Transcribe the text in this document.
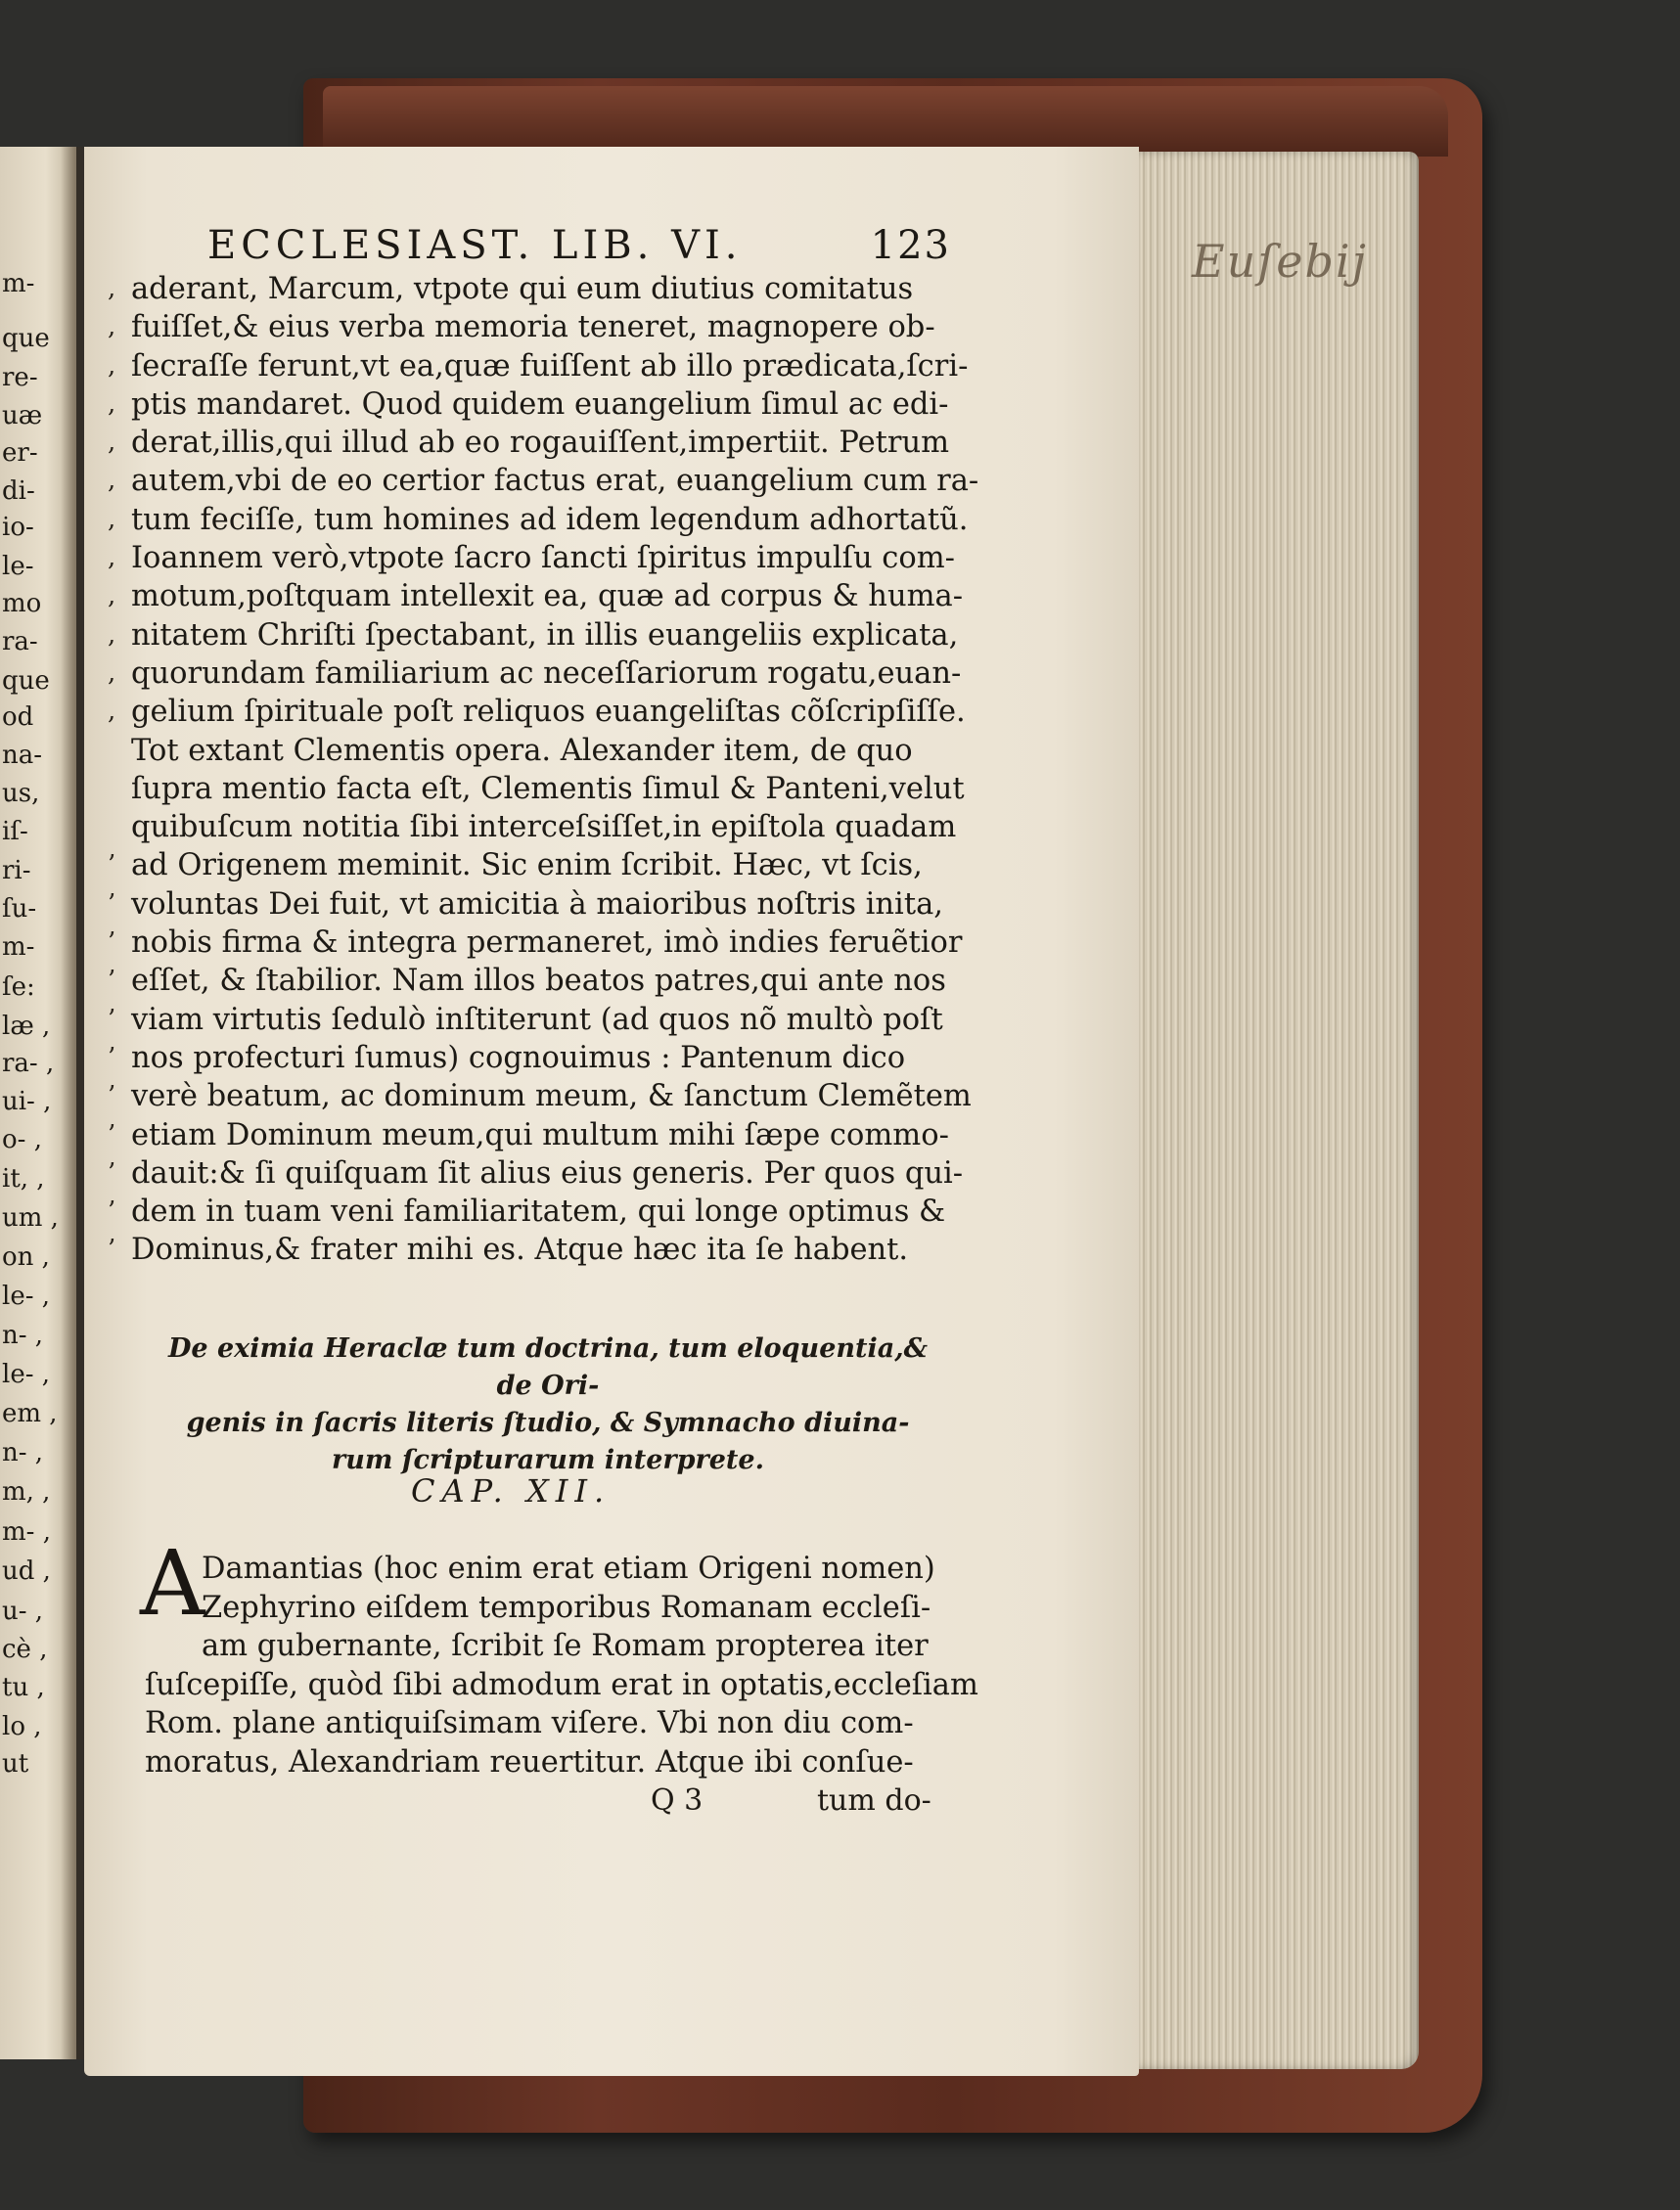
Euſebij
m-
que
re-
uæ
er-
di-
io-
le-
mo
ra-
que
od
na-
us,
iſ-
ri-
ſu-
m-
ſe:
læ ,
ra- ,
ui- ,
o- ,
it, ,
um ,
on ,
le- ,
n- ,
le- ,
em ,
n- ,
m, ,
m- ,
ud ,
u- ,
cè ,
tu ,
lo ,
ut
ECCLESIAST. LIB. VI.	123
, aderant, Marcum, vtpote qui eum diutius comitatus
, fuiſſet,& eius verba memoria teneret, magnopere ob-
, ſecraſſe ferunt,vt ea,quæ fuiſſent ab illo prædicata,ſcri-
, ptis mandaret. Quod quidem euangelium ſimul ac edi-
, derat,illis,qui illud ab eo rogauiſſent,impertiit. Petrum
, autem,vbi de eo certior factus erat, euangelium cum ra-
, tum feciſſe, tum homines ad idem legendum adhortatũ.
, Ioannem verò,vtpote ſacro ſancti ſpiritus impulſu com-
, motum,poſtquam intellexit ea, quæ ad corpus & huma-
, nitatem Chriſti ſpectabant, in illis euangeliis explicata,
, quorundam familiarium ac neceſſariorum rogatu,euan-
, gelium ſpirituale poſt reliquos euangeliſtas cõſcripſiſſe.
Tot extant Clementis opera. Alexander item, de quo
ſupra mentio facta eſt, Clementis ſimul & Panteni,velut
quibuſcum notitia ſibi interceſsiſſet,in epiſtola quadam
’ ad Origenem meminit. Sic enim ſcribit. Hæc, vt ſcis,
’ voluntas Dei fuit, vt amicitia à maioribus noſtris inita,
’ nobis firma & integra permaneret, imò indies feruẽtior
’ eſſet, & ſtabilior. Nam illos beatos patres,qui ante nos
’ viam virtutis ſedulò inſtiterunt (ad quos nõ multò poſt
’ nos profecturi ſumus) cognouimus : Pantenum dico
’ verè beatum, ac dominum meum, & ſanctum Clemẽtem
’ etiam Dominum meum,qui multum mihi ſæpe commo-
’ dauit:& ſi quiſquam ſit alius eius generis. Per quos qui-
’ dem in tuam veni familiaritatem, qui longe optimus &
’ Dominus,& frater mihi es. Atque hæc ita ſe habent.
De eximia Heraclæ tum doctrina, tum eloquentia,& de Ori-
genis in ſacris literis ſtudio, & Symnacho diuina-
rum ſcripturarum interprete.
CAP. XII.
A
Damantias (hoc enim erat etiam Origeni nomen)
Zephyrino eiſdem temporibus Romanam eccleſi-
am gubernante, ſcribit ſe Romam propterea iter
ſuſcepiſſe, quòd ſibi admodum erat in optatis,eccleſiam
Rom. plane antiquiſsimam viſere. Vbi non diu com-
moratus, Alexandriam reuertitur. Atque ibi conſue-
Q 3	tum do-
